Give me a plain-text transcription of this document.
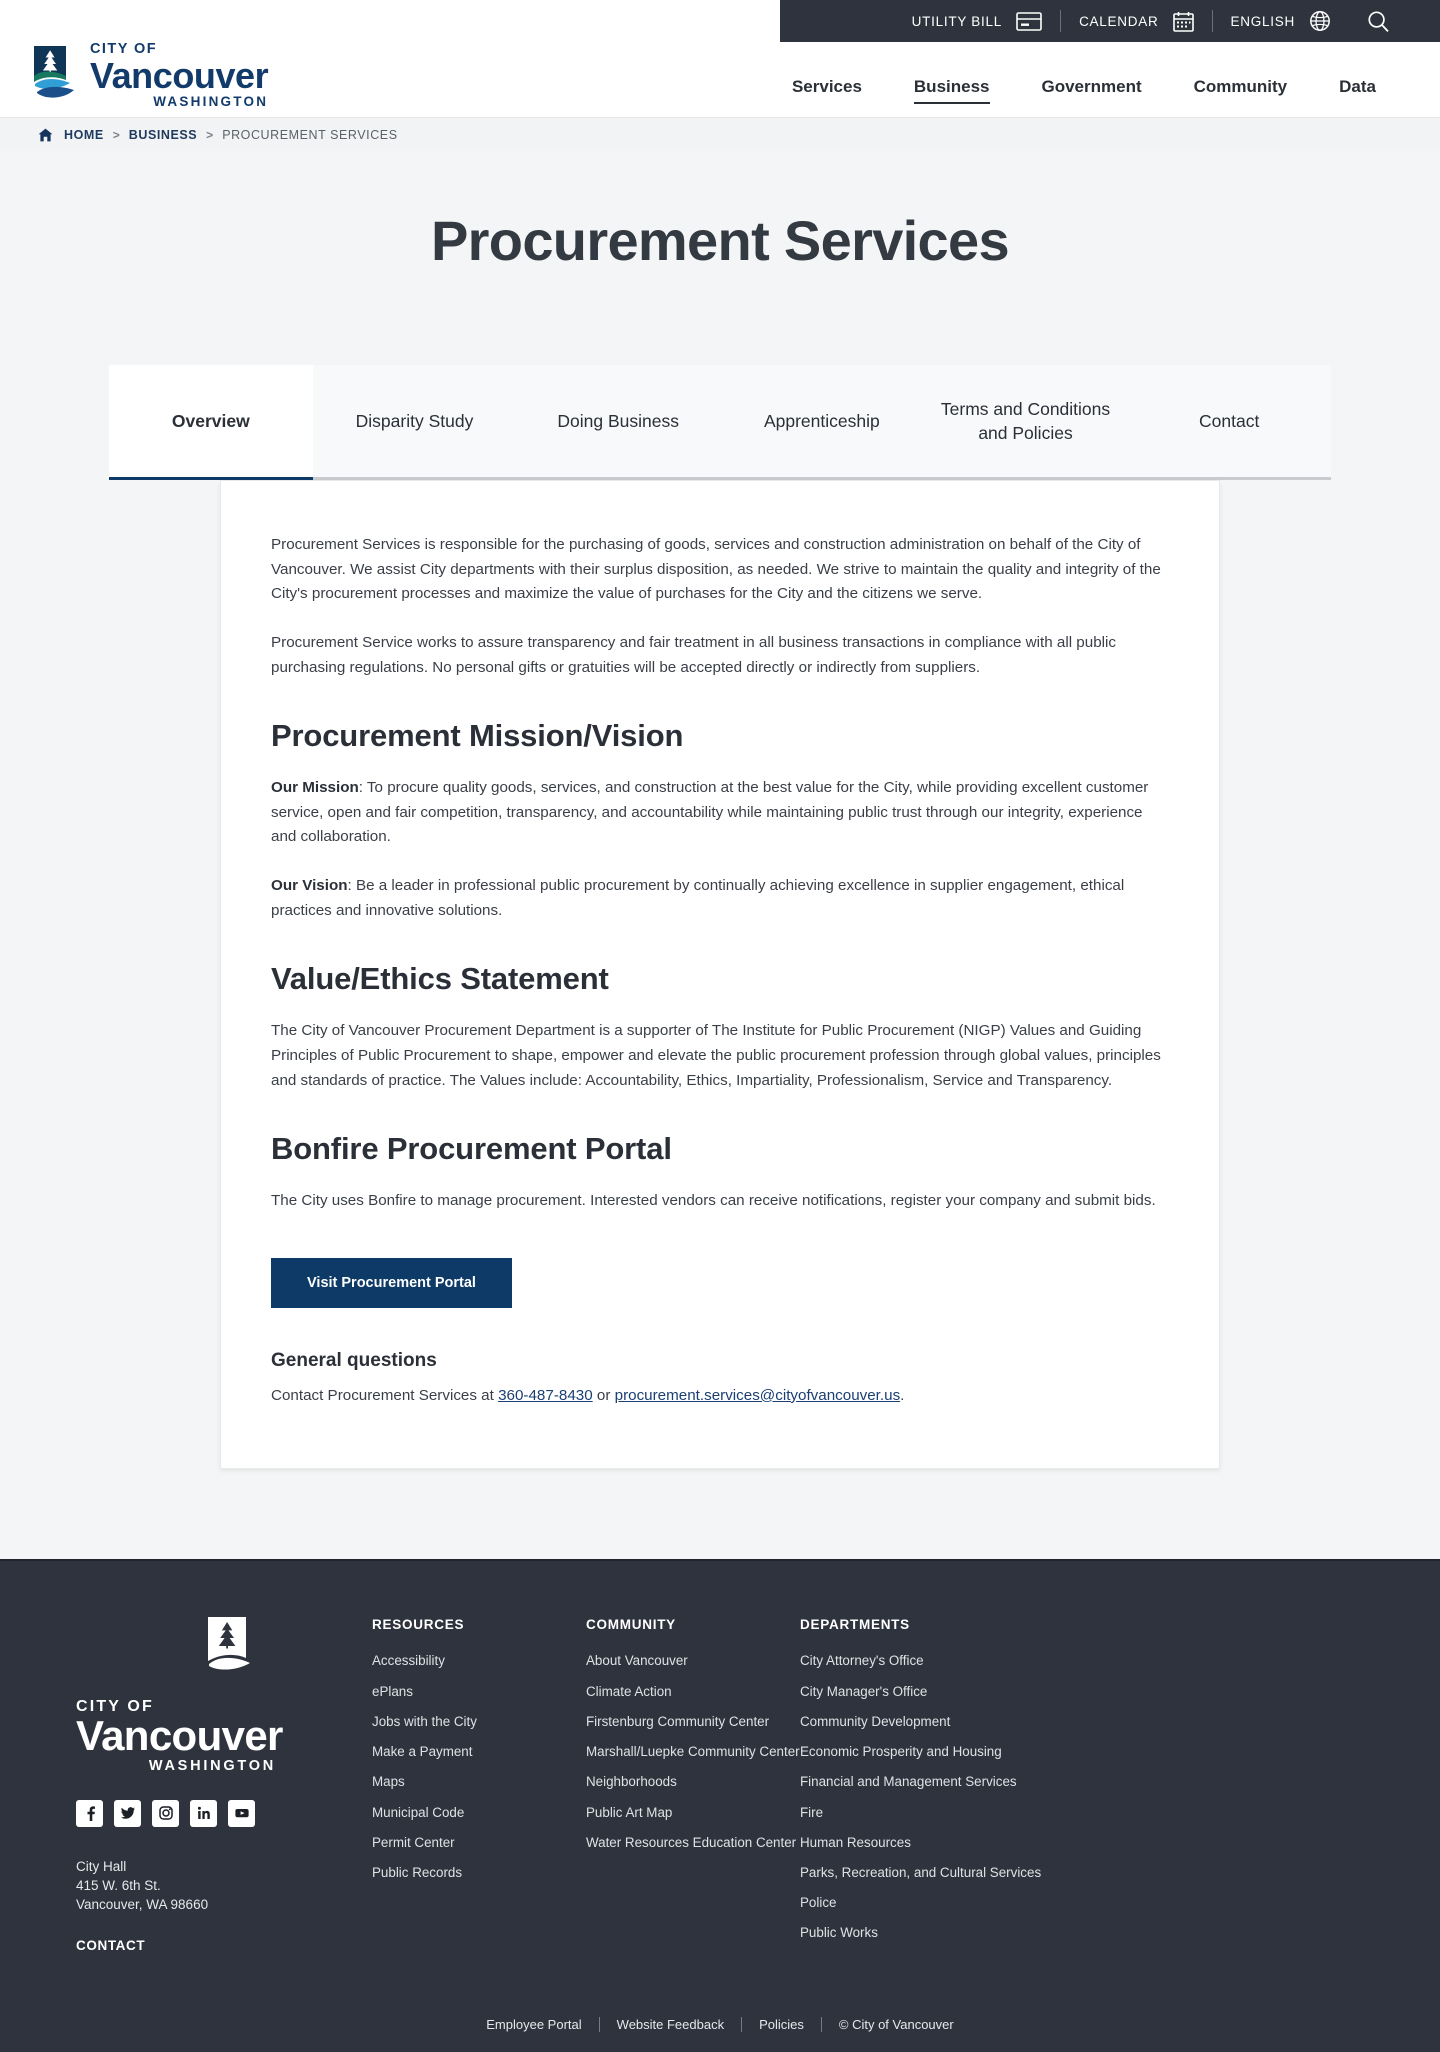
UTILITY BILL	CALENDAR	ENGLISH
CITY OF
Vancouver
WASHINGTON
Services	Business	Government	Community	Data
HOME > BUSINESS > PROCUREMENT SERVICES
Procurement Services
Overview	Disparity Study	Doing Business	Apprenticeship
Terms and Conditions and Policies
Contact

Procurement Services is responsible for the purchasing of goods, services and construction administration on behalf of the City of Vancouver. We assist City departments with their surplus disposition, as needed. We strive to maintain the quality and integrity of the City's procurement processes and maximize the value of purchases for the City and the citizens we serve.

Procurement Service works to assure transparency and fair treatment in all business transactions in compliance with all public purchasing regulations. No personal gifts or gratuities will be accepted directly or indirectly from suppliers.

Procurement Mission/Vision

Our Mission: To procure quality goods, services, and construction at the best value for the City, while providing excellent customer service, open and fair competition, transparency, and accountability while maintaining public trust through our integrity, experience and collaboration.

Our Vision: Be a leader in professional public procurement by continually achieving excellence in supplier engagement, ethical practices and innovative solutions.

Value/Ethics Statement

The City of Vancouver Procurement Department is a supporter of The Institute for Public Procurement (NIGP) Values and Guiding Principles of Public Procurement to shape, empower and elevate the public procurement profession through global values, principles and standards of practice. The Values include: Accountability, Ethics, Impartiality, Professionalism, Service and Transparency.

Bonfire Procurement Portal

The City uses Bonfire to manage procurement. Interested vendors can receive notifications, register your company and submit bids.

Visit Procurement Portal
General questions

Contact Procurement Services at 360-487-8430 or procurement.services@cityofvancouver.us.

CITY OF
Vancouver
WASHINGTON
City Hall
415 W. 6th St.
Vancouver, WA 98660
CONTACT
RESOURCES
Accessibility
ePlans
Jobs with the City
Make a Payment
Maps
Municipal Code
Permit Center
Public Records
COMMUNITY
About Vancouver
Climate Action
Firstenburg Community Center
Marshall/Luepke Community Center
Neighborhoods
Public Art Map
Water Resources Education Center
DEPARTMENTS
City Attorney's Office
City Manager's Office
Community Development
Economic Prosperity and Housing
Financial and Management Services
Fire
Human Resources
Parks, Recreation, and Cultural Services
Police
Public Works
Employee Portal	Website Feedback	Policies	© City of Vancouver
